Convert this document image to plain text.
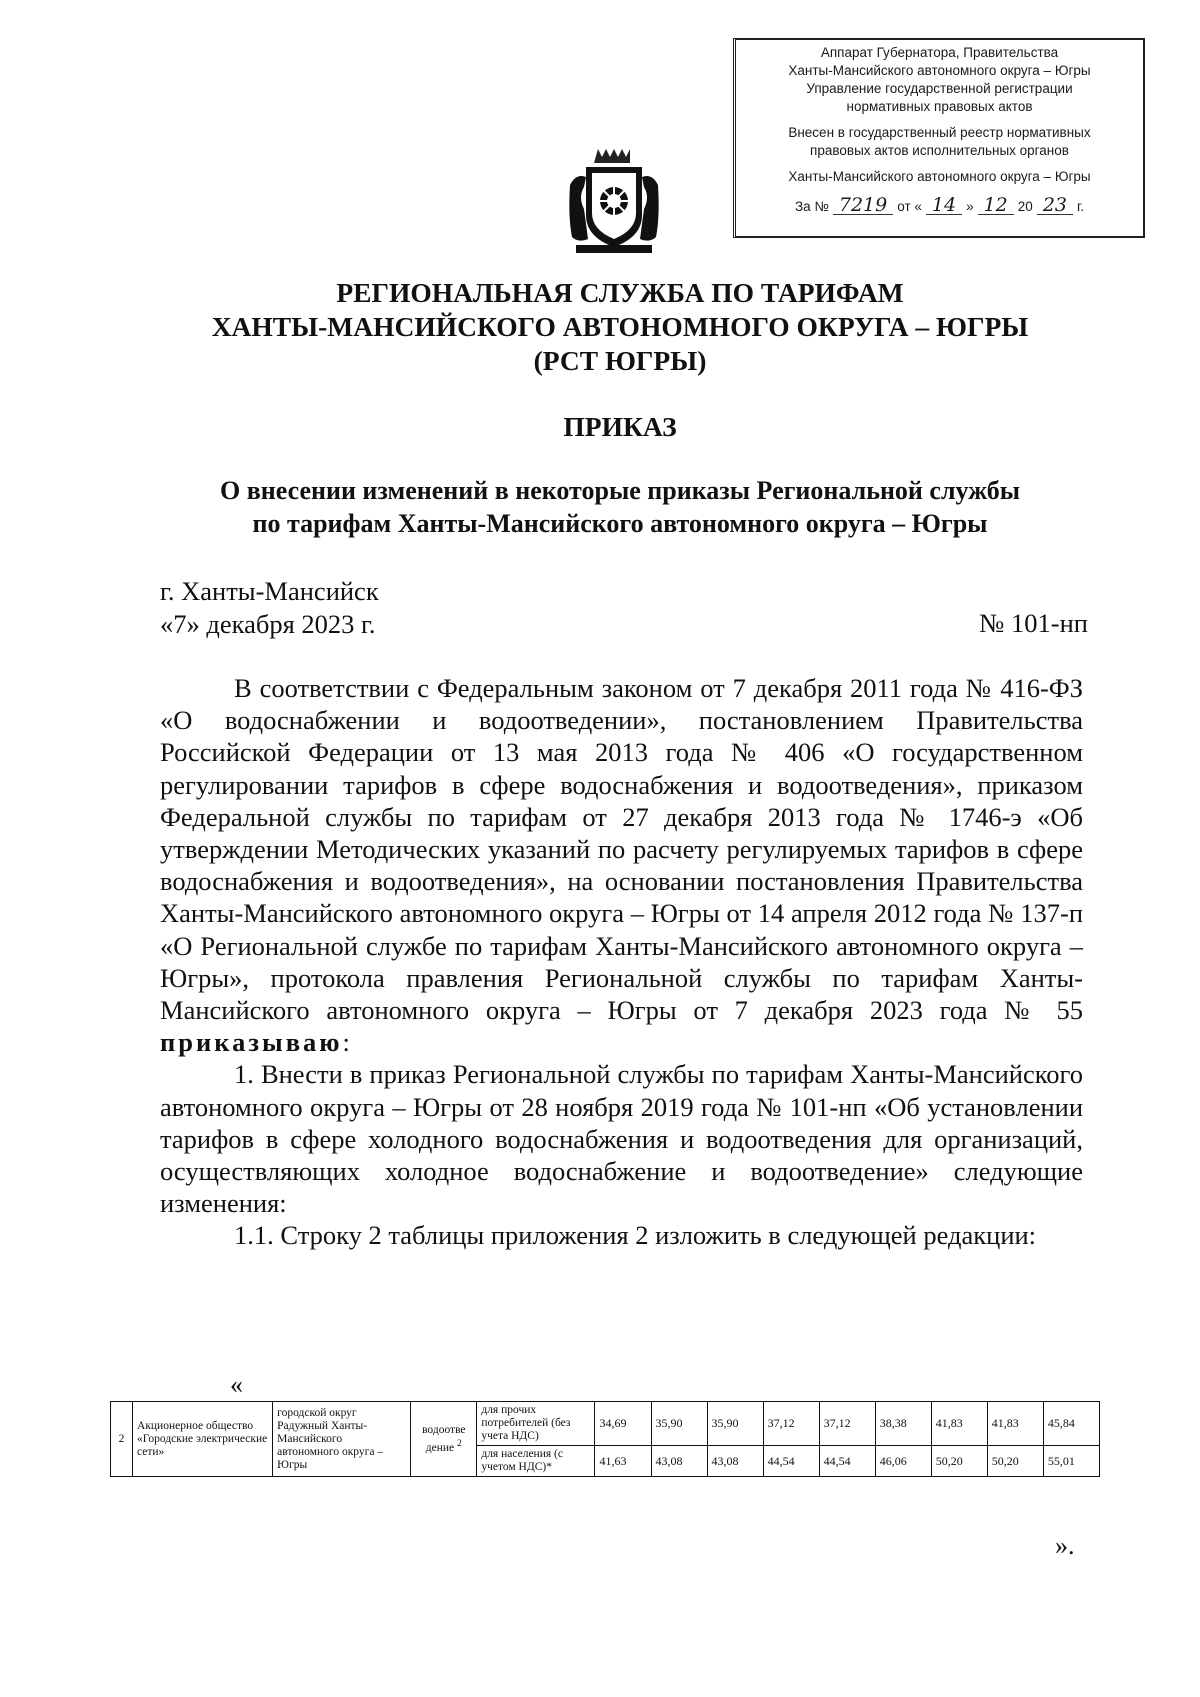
Аппарат Губернатора, Правительства
Ханты-Мансийского автономного округа – Югры
Управление государственной регистрации
нормативных правовых актов
Внесен в государственный реестр нормативных
правовых актов исполнительных органов
Ханты-Мансийского автономного округа – Югры
За № 7219 от « 14 » 12 20 23 г.
РЕГИОНАЛЬНАЯ СЛУЖБА ПО ТАРИФАМ
ХАНТЫ-МАНСИЙСКОГО АВТОНОМНОГО ОКРУГА – ЮГРЫ
(РСТ ЮГРЫ)
ПРИКАЗ
О внесении изменений в некоторые приказы Региональной службы
по тарифам Ханты-Мансийского автономного округа – Югры
г. Ханты-Мансийск
«7» декабря 2023 г.	№ 101-нп

В соответствии с Федеральным законом от 7 декабря 2011 года № 416-ФЗ «О водоснабжении и водоотведении», постановлением Правительства Российской Федерации от 13 мая 2013 года № 406 «О государственном регулировании тарифов в сфере водоснабжения и водоотведения», приказом Федеральной службы по тарифам от 27 декабря 2013 года № 1746-э «Об утверждении Методических указаний по расчету регулируемых тарифов в сфере водоснабжения и водоотведения», на основании постановления Правительства Ханты-Мансийского автономного округа – Югры от 14 апреля 2012 года № 137-п «О Региональной службе по тарифам Ханты-Мансийского автономного округа – Югры», протокола правления Региональной службы по тарифам Ханты-Мансийского автономного округа – Югры от 7 декабря 2023 года № 55

приказываю:

1. Внести в приказ Региональной службы по тарифам Ханты-Мансийского автономного округа – Югры от 28 ноября 2019 года № 101-нп «Об установлении тарифов в сфере холодного водоснабжения и водоотведения для организаций, осуществляющих холодное водоснабжение и водоотведение» следующие изменения:

1.1. Строку 2 таблицы приложения 2 изложить в следующей редакции:

«
2	Акционерное общество «Городские электрические сети»	городской округ Радужный Ханты-Мансийского автономного округа – Югры	водоотве дение $^2$	для прочих потребителей (без учета НДС)	34,69	35,90	35,90	37,12	37,12	38,38	41,83	41,83	45,84
				для населения (с учетом НДС)*	41,63	43,08	43,08	44,54	44,54	46,06	50,20	50,20	55,01
».
